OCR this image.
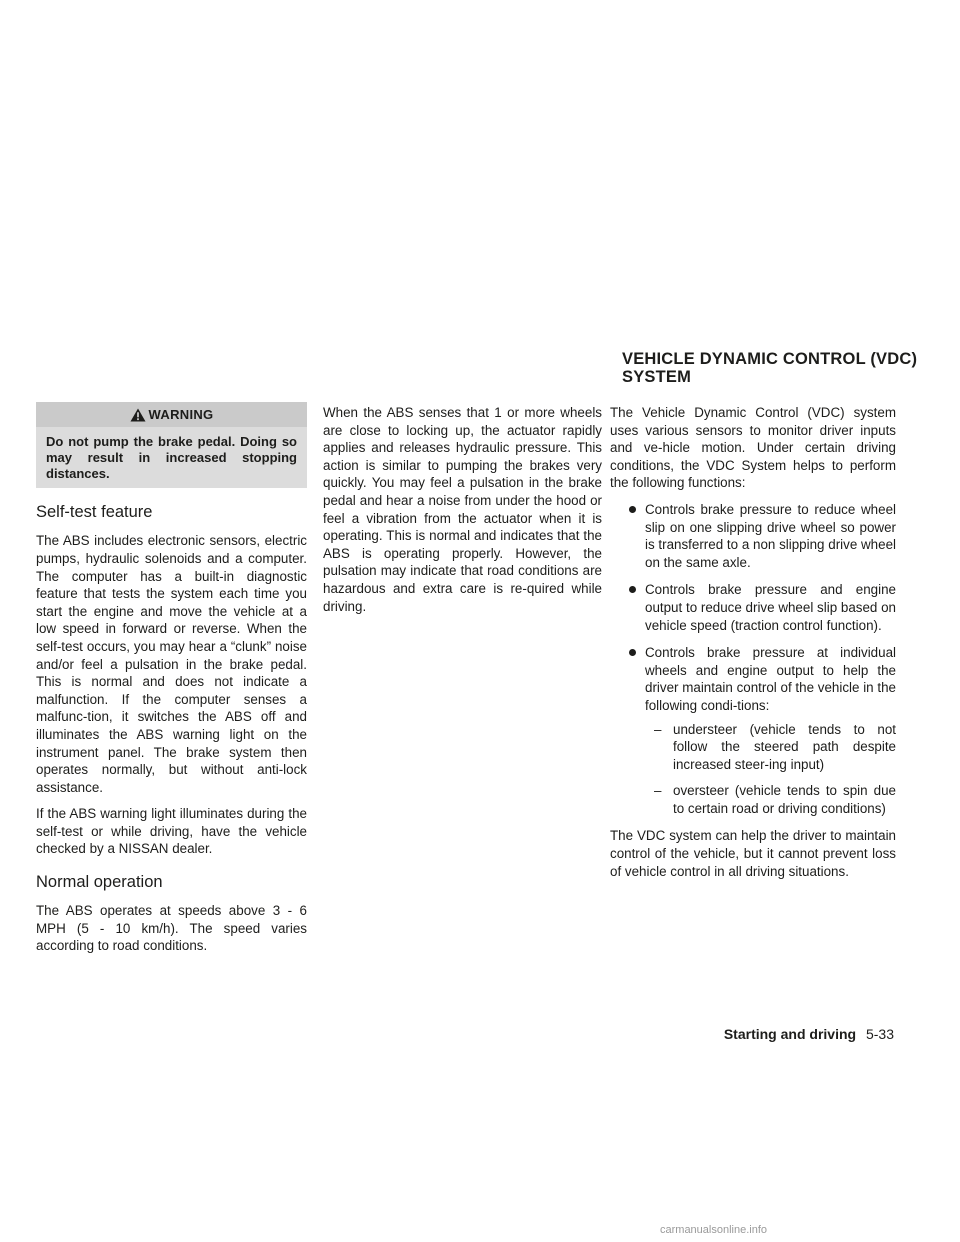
VEHICLE DYNAMIC CONTROL (VDC)
SYSTEM
WARNING
Do not pump the brake pedal. Doing so may result in increased stopping distances.
Self-test feature

The ABS includes electronic sensors, electric pumps, hydraulic solenoids and a computer. The computer has a built-in diagnostic feature that tests the system each time you start the engine and move the vehicle at a low speed in forward or reverse. When the self-test occurs, you may hear a “clunk” noise and/or feel a pulsation in the brake pedal. This is normal and does not indicate a malfunction. If the computer senses a malfunc-tion, it switches the ABS off and illuminates the ABS warning light on the instrument panel. The brake system then operates normally, but without anti-lock assistance.

If the ABS warning light illuminates during the self-test or while driving, have the vehicle checked by a NISSAN dealer.

Normal operation

The ABS operates at speeds above 3 - 6 MPH (5 - 10 km/h). The speed varies according to road conditions.

When the ABS senses that 1 or more wheels are close to locking up, the actuator rapidly applies and releases hydraulic pressure. This action is similar to pumping the brakes very quickly. You may feel a pulsation in the brake pedal and hear a noise from under the hood or feel a vibration from the actuator when it is operating. This is normal and indicates that the ABS is operating properly. However, the pulsation may indicate that road conditions are hazardous and extra care is re-quired while driving.

The Vehicle Dynamic Control (VDC) system uses various sensors to monitor driver inputs and ve-hicle motion. Under certain driving conditions, the VDC System helps to perform the following functions:

Controls brake pressure to reduce wheel slip on one slipping drive wheel so power is transferred to a non slipping drive wheel on the same axle.
Controls brake pressure and engine output to reduce drive wheel slip based on vehicle speed (traction control function).
Controls brake pressure at individual wheels and engine output to help the driver maintain control of the vehicle in the following condi-tions:
– understeer (vehicle tends to not follow the steered path despite increased steer-ing input)
– oversteer (vehicle tends to spin due to certain road or driving conditions)

The VDC system can help the driver to maintain control of the vehicle, but it cannot prevent loss of vehicle control in all driving situations.

Starting and driving 5-33
carmanualsonline.info
